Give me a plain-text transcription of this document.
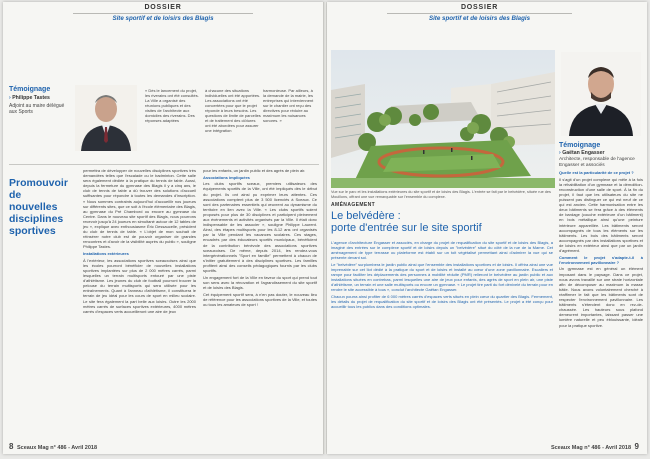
DOSSIER
Site sportif et de loisirs des Blagis
Témoignage
› Philippe Tastes
Adjoint au maire délégué aux Sports
« Dès le lancement du projet, les riverains ont été consultés. La Ville a organisé des réunions publiques et des visites de l'architecte aux domiciles des riverains. Des réponses adaptées
à chacune des situations individuelles ont été apportées. Les associations ont été concertées pour que le projet réponde à leurs besoins. Les questions de limite de parcelles et de traitement des clôtures ont été abordées pour assurer une intégration
harmonieuse. Par ailleurs, à la demande de la mairie, les entreprises qui interviennent sur le chantier ont reçu des directives pour réduire au maximum les nuisances sonores. »
Promouvoir
de
nouvelles
disciplines
sportives

permettra de développer de nouvelles disciplines sportives très demandées telles que l'escalade ou le badminton. Cette salle sera également dédiée à la pratique du tennis de table. Aussi, depuis la fermeture du gymnase des Blagis il y a cinq ans, le club de tennis de table a dû trouver des solutions d'accueil suffisantes pour répondre à toutes les demandes d'inscription. « Nous sommes contraints aujourd'hui d'accueillir nos joueurs sur différents sites, que ce soit à l'école élémentaire des Blagis, au gymnase du Pré Chambord ou encore au gymnase du Centre. Dans le nouveau site sportif des Blagis, nous pourrons recevoir jusqu'à 24 joueurs en simultané autour de 12 tables de jeu », explique avec enthousiasme Éric Dessaucelle, président du club de tennis de table. « L'objet de mon souhait de réinsérer notre club est de pouvoir organiser de grandes rencontres et d'avoir de la visibilité auprès du public », souligne Philippe Tastes.

Installations extérieures

À l'extérieur, les associations sportives sceauxoises ainsi que les écoles pourront bénéficier de nouvelles installations sportives implantées sur plus de 2 000 mètres carrés, parmi lesquelles un terrain multisports entouré par une piste d'athlétisme. Les jeunes du club de football pourront trouver la pelouse du terrain multisports qui sera utilisée pour les entraînements. Quant à l'anneau d'athlétisme, il constituera le terrain de jeu idéal pour les cours de sport en milieu scolaire. Le site fera également la part belle aux loisirs. Outre les 2000 mètres carrés de surfaces sportives extérieures, 4000 mètres carrés d'espaces verts accueilleront une aire de jeux

pour les enfants, un jardin public et des agrès de plein air.

Associations impliquées

Les clubs sportifs sceaux, premiers utilisateurs des équipements sportifs de la Ville, ont été impliqués dès le début du projet. Ils ont ainsi pu exprimer leurs attentes. Ces associations comptent plus de 3 500 licenciés à Sceaux. Ce sont des partenaires essentiels qui œuvrent au dynamisme du territoire en lien avec la Ville. « Les clubs sportifs soient proposés pour plus de 30 disciplines et participent pleinement aux événements et activités organisés par la Ville. Il était donc indispensable de les associer », souligne Philippe Laurent. Ainsi, des étapes multisports pour les 8-12 ans ont organisés par la Ville pendant les vacances scolaires. Ces stages, encadrés par des éducateurs sportifs municipaux, bénéficient de la contribution bénévole des associations sportives sceauxoises. De même, depuis 2014, les rendez-vous intergénérationnels "Sport en famille" permettent à chacun de s'initier gratuitement à des disciplines sportives. Les familles profitent ainsi des conseils pédagogiques fournis par les clubs sportifs.

Un engagement fort de la Ville en faveur du sport qui prend tout son sens avec la rénovation et l'agrandissement du site sportif et de loisirs des Blagis.

Cet équipement sportif sera, à n'en pas douter, le nouveau lieu de référence pour les associations sportives de la Ville, et toutes ou tous les amateurs de sport !

8 Sceaux Mag n° 486 - Avril 2018
DOSSIER
Site sportif et de loisirs des Blagis
Vue sur le parc et les installations extérieures du site sportif et de loisirs des Blagis. L'entrée se fait par le belvédère, située rue des Mouillons, offrant une vue remarquable sur l'ensemble du complexe.
AMÉNAGEMENT
Le belvédère :
porte d'entrée sur le site sportif

L'agence d'architecture Engasser et associés, en charge du projet de requalification du site sportif et de loisirs des Blagis, a imaginé des entrées sur le complexe sportif et de loisirs depuis un "belvédère" situé du côté de la rue de la Marne. Cet aménagement de type terrasse ou plateforme est établi sur un toit végétalisé permettant ainsi d'admirer la vue qui se présente devant soi.

Le "belvédère" surplombera le jardin public ainsi que l'ensemble des installations sportives et de loisirs. Il offrira ainsi une vue imprenable sur cet îlot dédié à la pratique du sport et de loisirs et installé au cœur d'une zone pavillonnaire. Escaliers et rampe pour faciliter les déplacements des personnes à mobilité réduite (PMR) relieront le belvédère au jardin public et aux installations situées en contrebas, parmi lesquelles une aire de jeux pour enfants, des agrès de sport en plein air, une piste d'athlétisme, un terrain et une salle multisports ou encore un gymnase. « Le projet tire parti du fort dénivelé du terrain pour en rendre le site accessible à tous », conclut l'architecte Gaëtan Engasser.

Chacun pourra ainsi profiter de 6 000 mètres carrés d'espaces verts situés en plein cœur du quartier des Blagis. Fermement, les détails du projet de requalification du site sportif et de loisirs des Blagis ont été présentés. Le projet a été conçu pour accueillir tous les publics dans des conditions optimales.

Témoignage
› Gaëtan Engasser
Architecte, responsable de l'agence Engasser et associés

Quelle est la particularité de ce projet ?

Il s'agit d'un projet complexe qui mêle à la fois la réhabilitation d'un gymnase et la démolition-reconstruction d'une salle de sport. À la fin du projet, il faut que les utilisateurs du site ne puissent pas distinguer ce qui est neuf de ce qui est ancien. Cette harmonisation entre les deux bâtiments se fera grâce à des éléments de bardage (couche extérieure d'un bâtiment) en bois métallique ainsi qu'une peinture intérieure appareillée. Les bâtiments seront accompagnés de tous les éléments sur les bâtiments. Les bois des bâtiments seront accompagnés par des installations sportives et de loisirs en extérieur ainsi que par un jardin d'agrément.

Comment le projet s'adapte-t-il à l'environnement pavillonnaire ?

Un gymnase est en général un élément imposant dans le paysage. Dans ce projet, nous avons travaillé sur une strate horizontale afin de décomposer au maximum la masse bâtie. Nous avons volontairement cherché à réaffirmer le fait que les bâtiments sont de respecter l'environnement pavillonnaire. Les bâtiments s'étendent donc en rez-de-chaussée. Les hauteurs sous plafond demeurent importantes, laissant passer une lumière naturelle et peu éblouissante, idéale pour la pratique sportive.

Sceaux Mag n° 486 - Avril 2018 9
